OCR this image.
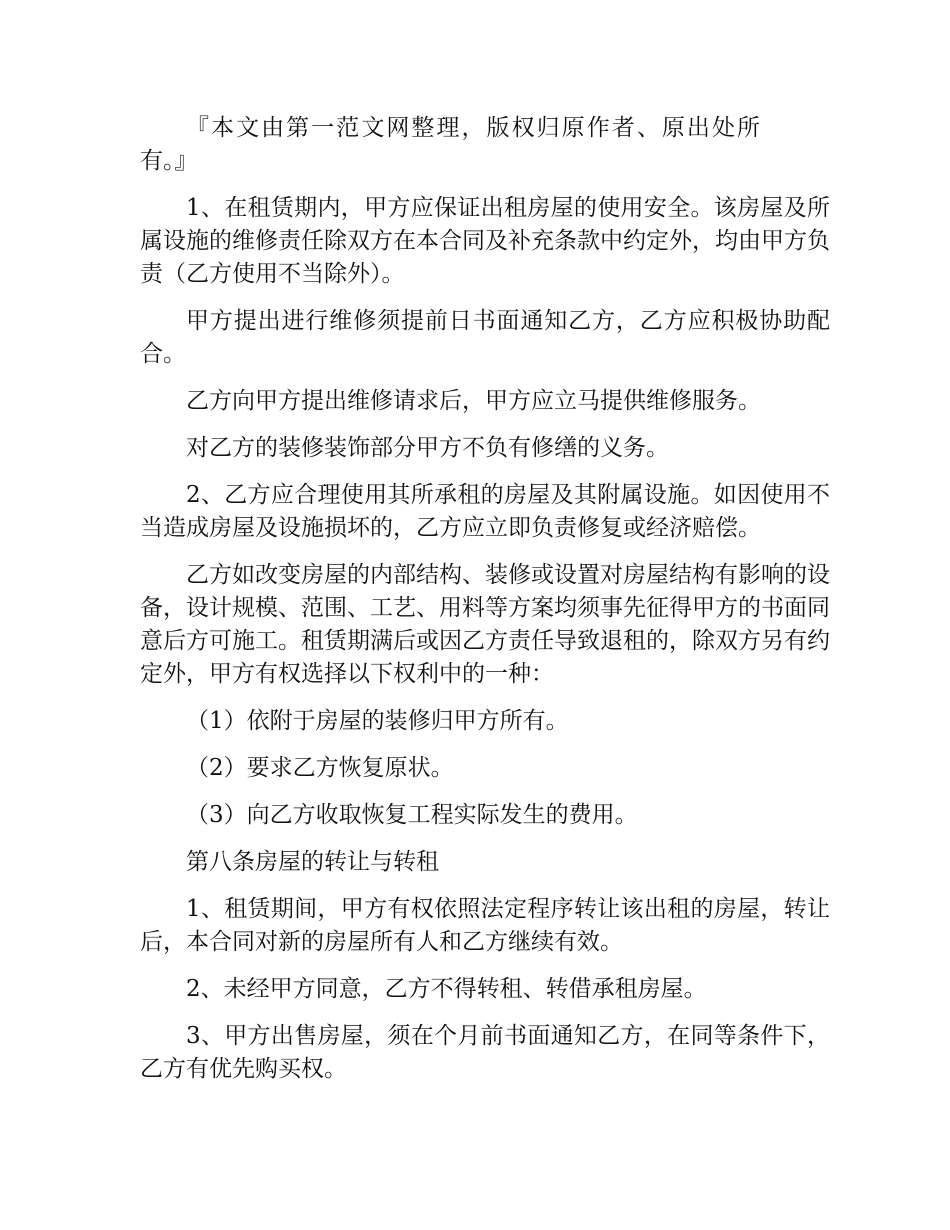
『本文由第一范文网整理，版权归原作者、原出处所有。』

1、在租赁期内，甲方应保证出租房屋的使用安全。该房屋及所属设施的维修责任除双方在本合同及补充条款中约定外，均由甲方负责（乙方使用不当除外）。

甲方提出进行维修须提前日书面通知乙方，乙方应积极协助配合。

乙方向甲方提出维修请求后，甲方应立马提供维修服务。

对乙方的装修装饰部分甲方不负有修缮的义务。

2、乙方应合理使用其所承租的房屋及其附属设施。如因使用不当造成房屋及设施损坏的，乙方应立即负责修复或经济赔偿。

乙方如改变房屋的内部结构、装修或设置对房屋结构有影响的设备，设计规模、范围、工艺、用料等方案均须事先征得甲方的书面同意后方可施工。租赁期满后或因乙方责任导致退租的，除双方另有约定外，甲方有权选择以下权利中的一种：

（1）依附于房屋的装修归甲方所有。

（2）要求乙方恢复原状。

（3）向乙方收取恢复工程实际发生的费用。

第八条房屋的转让与转租

1、租赁期间，甲方有权依照法定程序转让该出租的房屋，转让后，本合同对新的房屋所有人和乙方继续有效。

2、未经甲方同意，乙方不得转租、转借承租房屋。

3、甲方出售房屋，须在个月前书面通知乙方，在同等条件下，乙方有优先购买权。
